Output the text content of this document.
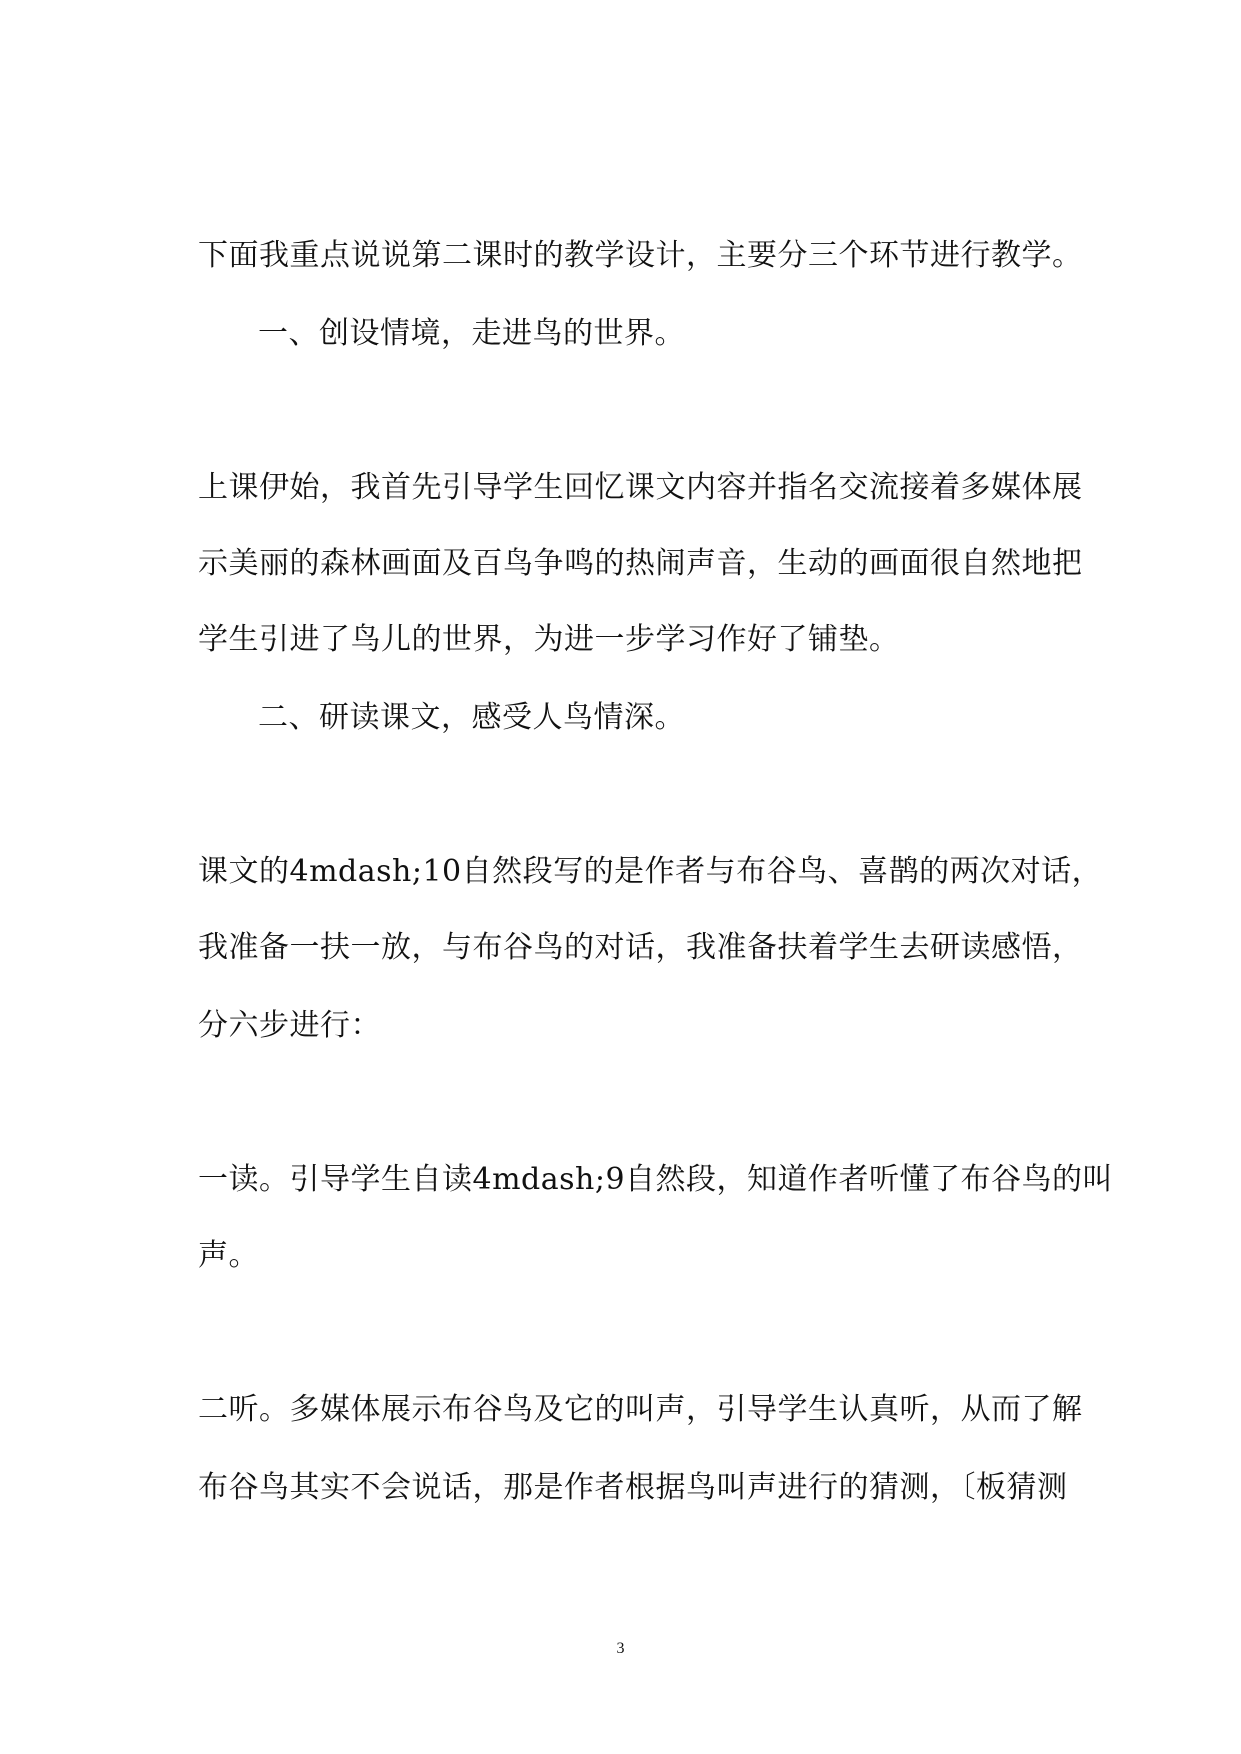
下面我重点说说第二课时的教学设计，主要分三个环节进行教学。
一、创设情境，走进鸟的世界。
上课伊始，我首先引导学生回忆课文内容并指名交流接着多媒体展
示美丽的森林画面及百鸟争鸣的热闹声音，生动的画面很自然地把
学生引进了鸟儿的世界，为进一步学习作好了铺垫。
二、研读课文，感受人鸟情深。
课文的4mdash;10自然段写的是作者与布谷鸟、喜鹊的两次对话，
我准备一扶一放，与布谷鸟的对话，我准备扶着学生去研读感悟，
分六步进行：
一读。引导学生自读4mdash;9自然段，知道作者听懂了布谷鸟的叫
声。
二听。多媒体展示布谷鸟及它的叫声，引导学生认真听，从而了解
布谷鸟其实不会说话，那是作者根据鸟叫声进行的猜测，〔板猜测
3
